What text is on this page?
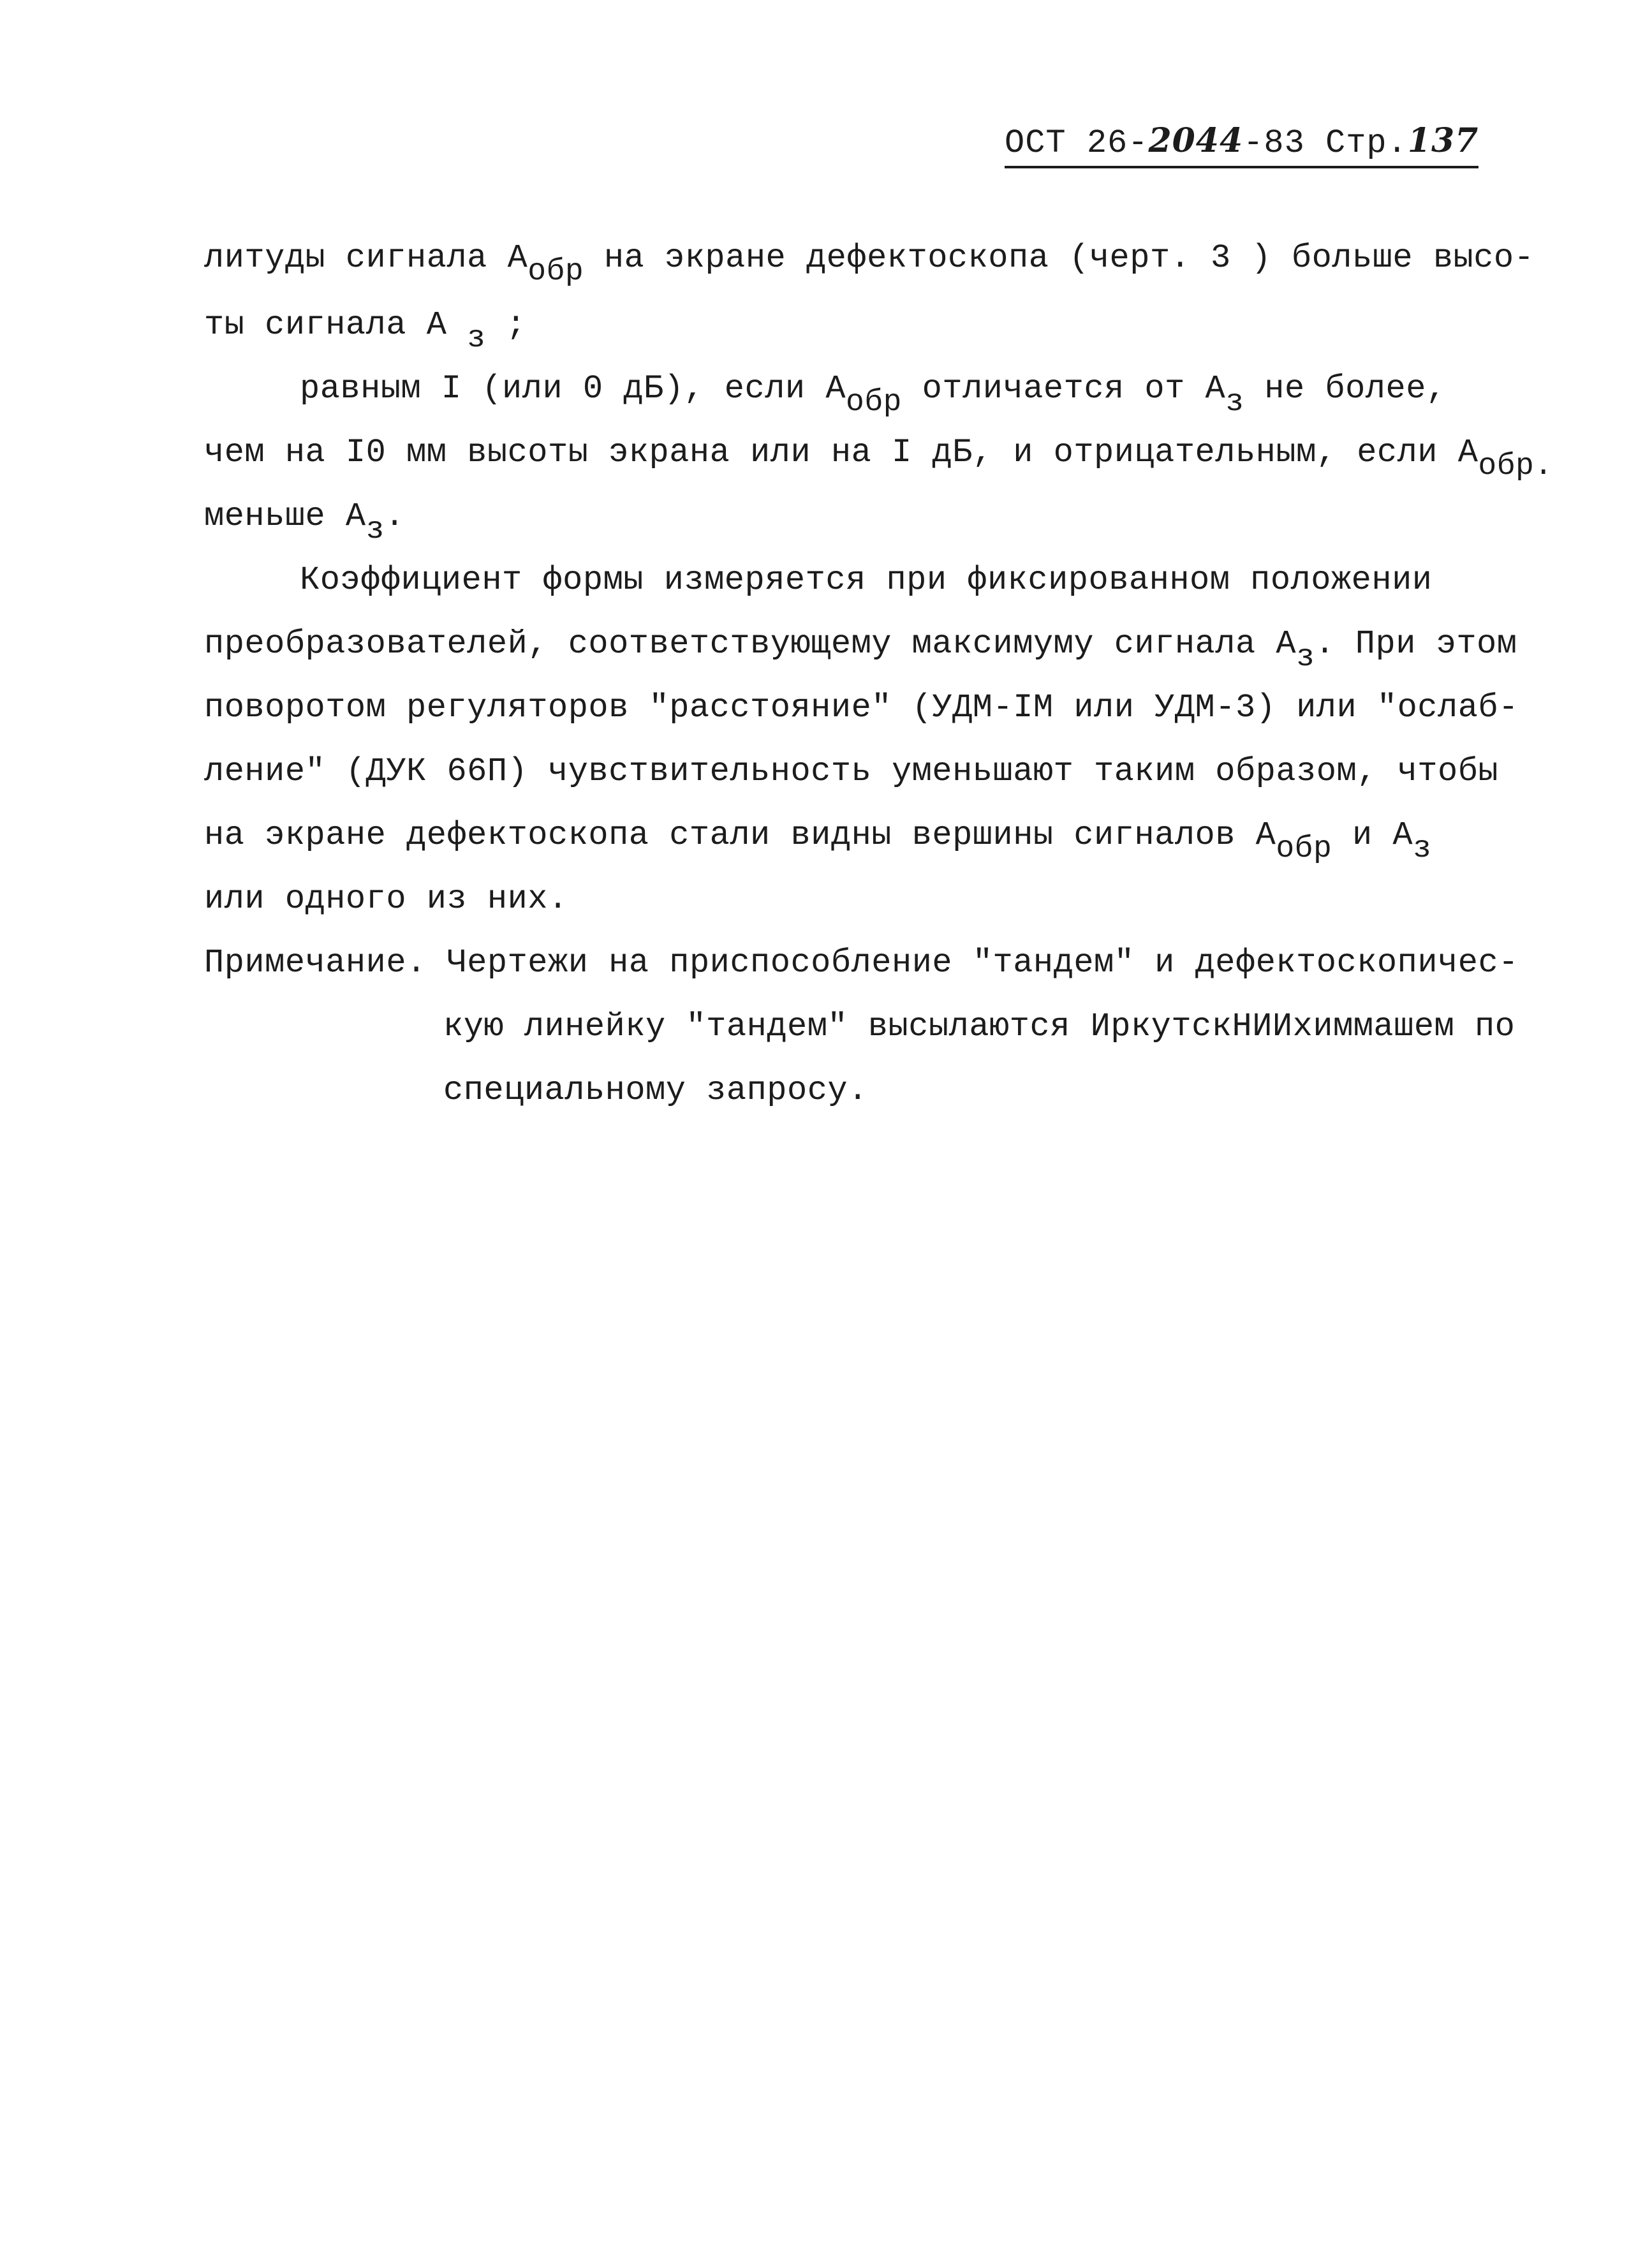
ОСТ 26-2044-83 Стр.137
литуды сигнала $А_{обр}$ на экране дефектоскопа (черт. 3 ) больше высо-
ты сигнала А $_з$ ;
равным I (или 0 дБ), если $А_{обр}$ отличается от $А_з$ не более,
чем на I0 мм высоты экрана или на I дБ, и отрицательным, если $А_{обр.}$
меньше $А_з$.
Коэффициент формы измеряется при фиксированном положении
преобразователей, соответствующему максимуму сигнала $А_з$. При этом
поворотом регуляторов "расстояние" (УДМ-IМ или УДМ-3) или "ослаб-
ление" (ДУК 66П) чувствительность уменьшают таким образом, чтобы
на экране дефектоскопа стали видны вершины сигналов $А_{обр}$ и $А_з$
или одного из них.
Примечание. Чертежи на приспособление "тандем" и дефектоскопичес-
кую линейку "тандем" высылаются ИркутскНИИхиммашем по
специальному запросу.
